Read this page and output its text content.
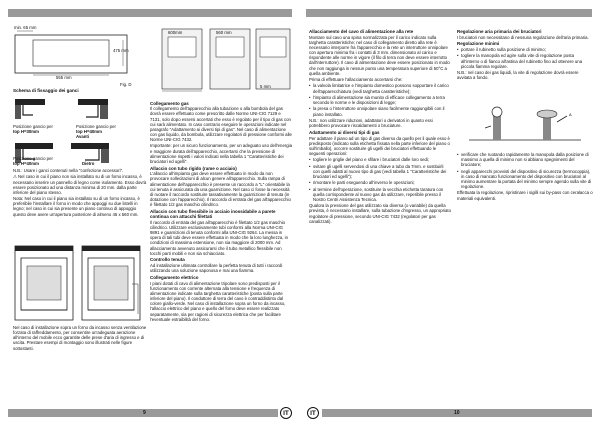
min. 65 mm
555 mm
475 mm
Fig. D
Schema di fissaggio dei ganci
Posizione gancio per
top H=30mm
Posizione gancio per
top H=40mm
Avanti
Posizione gancio per
top H=40mm	Dietro

N.B.: Usare i ganci contenuti nella "confezione accessori".

⚠ Nel caso in cui il piano non sia installato su di un forno incasso, è necessario inserire un pannello di legno come isolamento. Esso dovrà essere posizionato ad una distanza minima di 20 mm. dalla parte inferiore del piano stesso.

Nota: Nel caso in cui il piano sia installato su di un forno incasso, è preferibile l'installare il forno in modo che appoggi su due listelli in legno; nel caso in cui sia presente un piano continuo di appoggio questo deve avere un'apertura posteriore di almeno 45 x 560 mm.

Nel caso di installazione sopra un forno da incasso senza ventilazione forzata di raffreddamento, per consentire un'adeguata aerazione all'interno del mobile ecco garantite delle prese d'aria di ingresso e di uscita. Prestare esempi di montaggio sono illustrati nelle figure sottostanti.
600mm	560 mm
5 mm
Collegamento gas

Il collegamento dell'apparecchio alla tubazione o alla bombola del gas dovrà essere effettuato come prescritto dalle Norme UNI-CIG 7129 e 7131, solo dopo essersi accertati che esso è regolato per il tipo di gas con cui sarà alimentato. In caso contrario eseguire le operazioni indicate nel paragrafo "Adattamento ai diversi tipi di gas". Nel caso di alimentazione con gas liquido, da bombola, utilizzare regolatori di pressione conformi alle Norme UNI-CIG 7432.

Importante: per un sicuro funzionamento, per un adeguato uso dell'energia e maggiore durata dell'apparecchio, accertarsi che la pressione di alimentazione rispetti i valori indicati nella tabella 1 "Caratteristiche dei bruciatori ed ugelli".

Allaccio con tubo rigido (rame o acciaio)

L'allaccio all'impianto gas deve essere effettuato in modo da non provocare sollecitazioni di alcun genere all'apparecchio. Sulla rampa di alimentazione dell'apparecchio è presente un raccordo a "L" orientabile la cui tenuta è assicurata da una guarnizione. Nel caso ci fosse la necessità di ruotare il raccordo sostituire tassativamente la guarnizione di tenuta (in dotazione con l'apparecchio). Il raccordo di entrata del gas all'apparecchio è filettato 1/2 gas maschio cilindrico.

Allaccio con tubo flessibile in acciaio inossidabile a parete continua con attacchi filettati

Il raccordo di entrata del gas all'apparecchio è filettato 1/2 gas maschio cilindrico. Utilizzare esclusivamente tubi conformi alla Norma UNI-CIG 9891 e guarnizioni di tenuta conformi alla UNI-CIG 9264. La messa in opera di tali tubi deve essere effettuata in modo che la loro lunghezza, in condizioni di massima estensione, non sia maggiore di 2000 mm. Ad allacciamento avvenuto assicurarsi che il tubo metallico flessibile non tocchi parti mobili e non sia schiacciato.

Controllo tenuta

Ad installazione ultimata controllare la perfetta tenuta di tutti i raccordi utilizzando una soluzione saponosa e mai una fiamma.

Collegamento elettrico

I piani dotati di cavo di alimentazione tripolare sono predisposti per il funzionamento con corrente alternata alla tensione e frequenza di alimentazione indicate sulla targhetta caratteristiche (posta sulla parte inferiore del piano). Il conduttore di terra del cavo è contraddistinto dal colore giallo-verde. Nel caso di installazione sopra un forno da incasso, l'allaccio elettrico del piano e quello del forno deve essere realizzato separatamente, sia per ragioni di sicurezza elettrica che per facilitare l'eventuale estraibilità del forno.

9	IT
Allacciamento del cavo di alimentazione alla rete

Montare sul cavo una spina normalizzata per il carico indicato sulla targhetta caratteristiche; nel caso di collegamento diretto alla rete è necessario interporre fra l'apparecchio e la rete un interruttore onnipolare con apertura minima fra i contatti di 3 mm. dimensionato al carico e rispondente alle norme in vigore (il filo di terra non deve essere interrotto dall'interruttore). Il cavo di alimentazione deve essere posizionato in modo che non raggiunga in nessun punto una temperatura superiore di 50°C a quella ambiente.

Prima di effettuare l'allacciamento accertarsi che:

• la valvola limitatrice e l'impianto domestico possono sopportare il carico dell'apparecchiatura (vedi targhetta caratteristiche);

• l'impianto di alimentazione sia munito di efficace collegamento a terra secondo le norme e le disposizioni di legge;

• la presa o l'interruttore onnipolare siano facilmente raggiungibili con il piano installato.

N.B.: non utilizzare riduzioni, adattatori o derivatori in quanto essi potrebbero provocare riscaldamenti o bruciature.

Adattamento ai diversi tipi di gas

Per adattare il piano ad un tipo di gas diverso da quello per il quale esso è predisposto (indicato sulla etichetta fissata nella parte inferiore del piano o sull'imballo), occorre sostituire gli ugelli dei bruciatori effettuando le seguenti operazioni:

• togliere le griglie del piano e sfilare i bruciatori dalle loro sedi;

• svitare gli ugelli servendosi di una chiave a tubo da 7mm. e sostituirli con quelli adatti al nuovo tipo di gas (vedi tabella 1 "Caratteristiche dei bruciatori ed ugelli");

• rimontare le parti eseguendo all'inverso le operazioni;

• al termine dell'operazione, sostituire la vecchia etichetta taratura con quella corrispondente al nuovo gas da utilizzare, reperibile presso il Nostro Centri Assistenza Tecnica.

Qualora la pressione del gas utilizzato sia diversa (o variabile) da quella prevista, è necessario installare, sulla tubazione d'ingresso, un appropriato regolatore di pressione, secondo UNI-CIG 7432 (regolatori per gas canalizzati).

Regolazione aria primaria dei bruciatori

I bruciatori non necessitano di nessuna regolazione dell'aria primaria.

Regolazione minimi

• portare il rubinetto sulla posizione di minimo;

• togliere la manopola ed agire sulla vite di regolazione posta all'interno o di fianco all'astina del rubinetto fino ad ottenere una piccola fiamma regolare.

N.B.: nel caso dei gas liquidi, la vite di regolazione dovrà essere avvitata a fondo.

A

• verificare che ruotando rapidamente la manopola dalla posizione di massimo a quella di minimo non si abbiano spegnimenti del bruciatore;

• negli apparecchi provvisti del dispositivo di sicurezza (termocoppia), in caso di mancato funzionamento del dispositivo con bruciatori al minimo aumentare la portata del minimo sempre agendo sulla vite di regolazione.

Effettuata la regolazione, ripristinare i sigilli sui by-pass con ceralacca o materiali equivalenti.

IT	10
